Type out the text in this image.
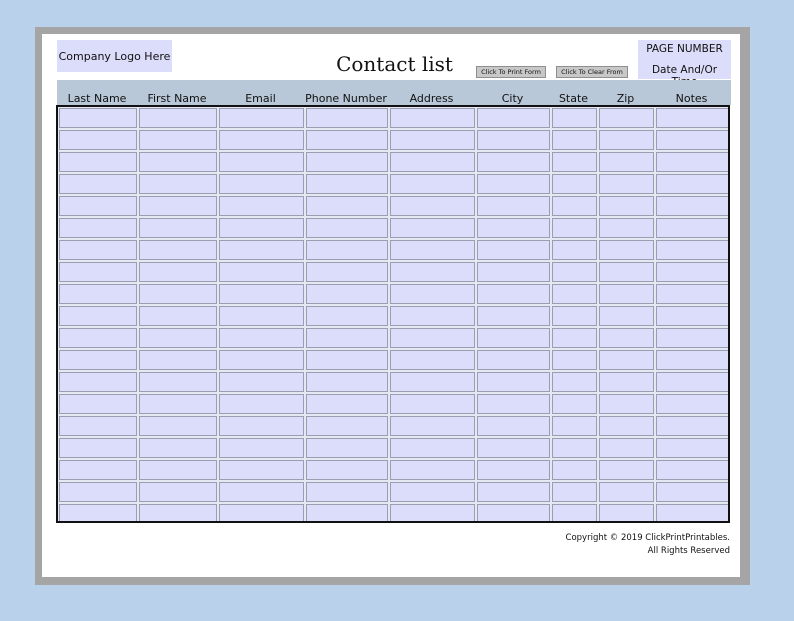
Company Logo Here	Contact list	Click To Print Form	Click To Clear From
PAGE NUMBER
Date And/Or
Copyright © 2019 ClickPrintPrintables.
All Rights Reserved
Last Name	First Name	Email	Phone Number	Address	City	State	Zip	Notes
